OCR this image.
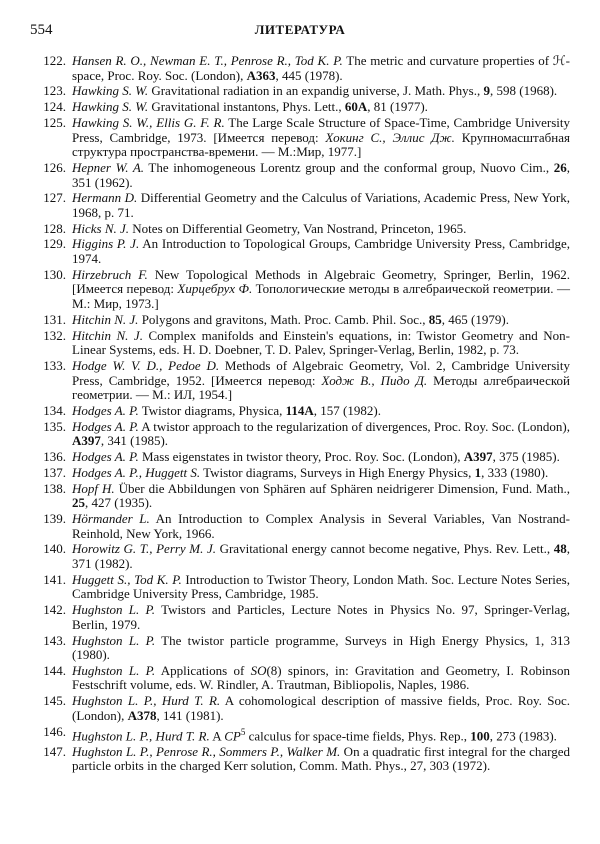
554	ЛИТЕРАТУРА
122. Hansen R. O., Newman E. T., Penrose R., Tod K. P. The metric and curvature properties of ℋ-space, Proc. Roy. Soc. (London), A363, 445 (1978).
123. Hawking S. W. Gravitational radiation in an expandig universe, J. Math. Phys., 9, 598 (1968).
124. Hawking S. W. Gravitational instantons, Phys. Lett., 60A, 81 (1977).
125. Hawking S. W., Ellis G. F. R. The Large Scale Structure of Space-Time, Cambridge University Press, Cambridge, 1973. [Имеется перевод: Хокинг С., Эллис Дж. Крупномасштабная структура пространства-времени. — М.:Мир, 1977.]
126. Hepner W. A. The inhomogeneous Lorentz group and the conformal group, Nuovo Cim., 26, 351 (1962).
127. Hermann D. Differential Geometry and the Calculus of Variations, Academic Press, New York, 1968, p. 71.
128. Hicks N. J. Notes on Differential Geometry, Van Nostrand, Princeton, 1965.
129. Higgins P. J. An Introduction to Topological Groups, Cambridge University Press, Cambridge, 1974.
130. Hirzebruch F. New Topological Methods in Algebraic Geometry, Springer, Berlin, 1962. [Имеется перевод: Хирцебрух Ф. Топологические методы в алгебраической геометрии. — М.: Мир, 1973.]
131. Hitchin N. J. Polygons and gravitons, Math. Proc. Camb. Phil. Soc., 85, 465 (1979).
132. Hitchin N. J. Complex manifolds and Einstein's equations, in: Twistor Geometry and Non-Linear Systems, eds. H. D. Doebner, T. D. Palev, Springer-Verlag, Berlin, 1982, p. 73.
133. Hodge W. V. D., Pedoe D. Methods of Algebraic Geometry, Vol. 2, Cambridge University Press, Cambridge, 1952. [Имеется перевод: Ходж В., Пидо Д. Методы алгебраической геометрии. — М.: ИЛ, 1954.]
134. Hodges A. P. Twistor diagrams, Physica, 114A, 157 (1982).
135. Hodges A. P. A twistor approach to the regularization of divergences, Proc. Roy. Soc. (London), A397, 341 (1985).
136. Hodges A. P. Mass eigenstates in twistor theory, Proc. Roy. Soc. (London), A397, 375 (1985).
137. Hodges A. P., Huggett S. Twistor diagrams, Surveys in High Energy Physics, 1, 333 (1980).
138. Hopf H. Über die Abbildungen von Sphären auf Sphären neidrigerer Dimension, Fund. Math., 25, 427 (1935).
139. Hörmander L. An Introduction to Complex Analysis in Several Variables, Van Nostrand-Reinhold, New York, 1966.
140. Horowitz G. T., Perry M. J. Gravitational energy cannot become negative, Phys. Rev. Lett., 48, 371 (1982).
141. Huggett S., Tod K. P. Introduction to Twistor Theory, London Math. Soc. Lecture Notes Series, Cambridge University Press, Cambridge, 1985.
142. Hughston L. P. Twistors and Particles, Lecture Notes in Physics No. 97, Springer-Verlag, Berlin, 1979.
143. Hughston L. P. The twistor particle programme, Surveys in High Energy Physics, 1, 313 (1980).
144. Hughston L. P. Applications of SO(8) spinors, in: Gravitation and Geometry, I. Robinson Festschrift volume, eds. W. Rindler, A. Trautman, Bibliopolis, Naples, 1986.
145. Hughston L. P., Hurd T. R. A cohomological description of massive fields, Proc. Roy. Soc. (London), A378, 141 (1981).
146. Hughston L. P., Hurd T. R. A $CP^5$ calculus for space-time fields, Phys. Rep., 100, 273 (1983).
147. Hughston L. P., Penrose R., Sommers P., Walker M. On a quadratic first integral for the charged particle orbits in the charged Kerr solution, Comm. Math. Phys., 27, 303 (1972).
